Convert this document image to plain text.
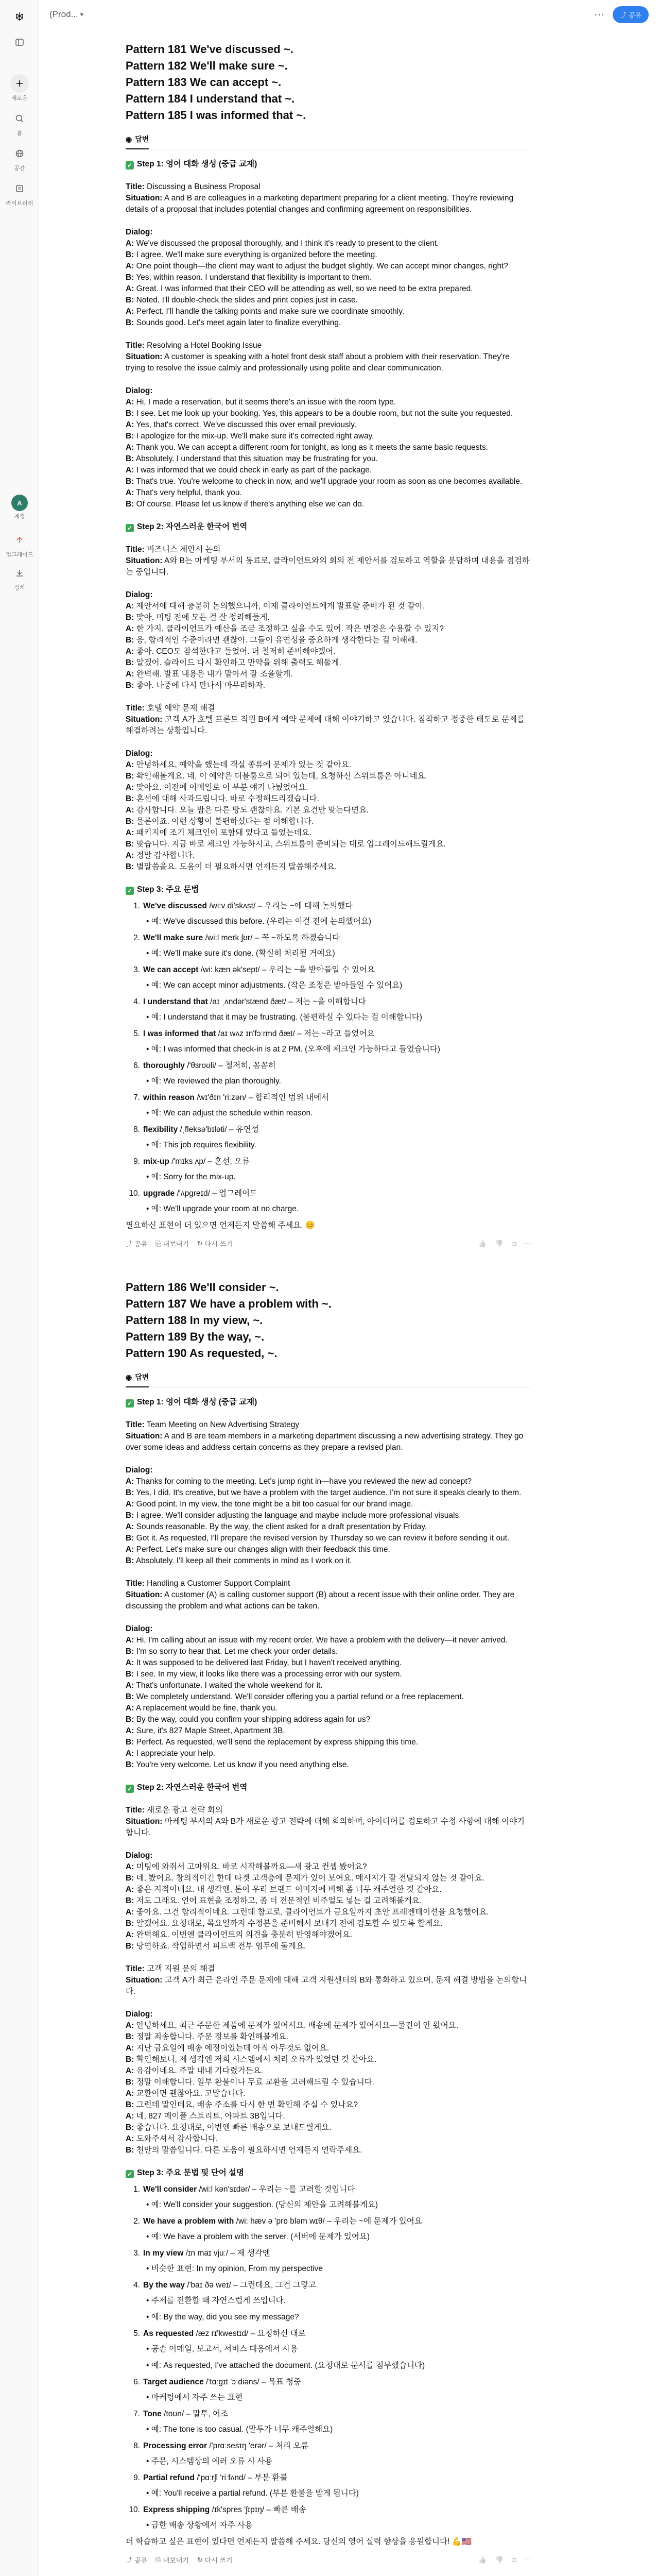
새로운
홈
공간
라이브러리
A
계정
업그레이드
설치
(Prod... ▾	⋯ ⤴ 공유
Pattern 181 We've discussed ~.
Pattern 182 We'll make sure ~.
Pattern 183 We can accept ~.
Pattern 184 I understand that ~.
Pattern 185 I was informed that ~.
◉ 답변

✓ Step 1: 영어 대화 생성 (중급 교재)

Title: Discussing a Business Proposal

Situation: A and B are colleagues in a marketing department preparing for a client meeting. They're reviewing details of a proposal that includes potential changes and confirming agreement on responsibilities.

Dialog:

A: We've discussed the proposal thoroughly, and I think it's ready to present to the client.

B: I agree. We'll make sure everything is organized before the meeting.

A: One point though—the client may want to adjust the budget slightly. We can accept minor changes, right?

B: Yes, within reason. I understand that flexibility is important to them.

A: Great. I was informed that their CEO will be attending as well, so we need to be extra prepared.

B: Noted. I'll double-check the slides and print copies just in case.

A: Perfect. I'll handle the talking points and make sure we coordinate smoothly.

B: Sounds good. Let's meet again later to finalize everything.

Title: Resolving a Hotel Booking Issue

Situation: A customer is speaking with a hotel front desk staff about a problem with their reservation. They're trying to resolve the issue calmly and professionally using polite and clear communication.

Dialog:

A: Hi, I made a reservation, but it seems there's an issue with the room type.

B: I see. Let me look up your booking. Yes, this appears to be a double room, but not the suite you requested.

A: Yes, that's correct. We've discussed this over email previously.

B: I apologize for the mix-up. We'll make sure it's corrected right away.

A: Thank you. We can accept a different room for tonight, as long as it meets the same basic requests.

B: Absolutely. I understand that this situation may be frustrating for you.

A: I was informed that we could check in early as part of the package.

B: That's true. You're welcome to check in now, and we'll upgrade your room as soon as one becomes available.

A: That's very helpful, thank you.

B: Of course. Please let us know if there's anything else we can do.

✓ Step 2: 자연스러운 한국어 번역

Title: 비즈니스 제안서 논의

Situation: A와 B는 마케팅 부서의 동료로, 클라이언트와의 회의 전 제안서를 검토하고 역할을 분담하며 내용을 점검하는 중입니다.

Dialog:

A: 제안서에 대해 충분히 논의했으니까, 이제 클라이언트에게 발표할 준비가 된 것 같아.

B: 맞아. 미팅 전에 모든 걸 잘 정리해둘게.

A: 한 가지, 클라이언트가 예산을 조금 조정하고 싶을 수도 있어. 작은 변경은 수용할 수 있지?

B: 응, 합리적인 수준이라면 괜찮아. 그들이 유연성을 중요하게 생각한다는 걸 이해해.

A: 좋아. CEO도 참석한다고 들었어. 더 철저히 준비해야겠어.

B: 알겠어. 슬라이드 다시 확인하고 만약을 위해 출력도 해둘게.

A: 완벽해. 발표 내용은 내가 맡아서 잘 조율할게.

B: 좋아. 나중에 다시 만나서 마무리하자.

Title: 호텔 예약 문제 해결

Situation: 고객 A가 호텔 프론트 직원 B에게 예약 문제에 대해 이야기하고 있습니다. 침착하고 정중한 태도로 문제를 해결하려는 상황입니다.

Dialog:

A: 안녕하세요, 예약을 했는데 객실 종류에 문제가 있는 것 같아요.

B: 확인해볼게요. 네, 이 예약은 더블룸으로 되어 있는데, 요청하신 스위트룸은 아니네요.

A: 맞아요. 이전에 이메일로 이 부분 얘기 나눴었어요.

B: 혼선에 대해 사과드립니다. 바로 수정해드리겠습니다.

A: 감사합니다. 오늘 밤은 다른 방도 괜찮아요. 기본 요건만 맞는다면요.

B: 물론이죠. 이런 상황이 불편하셨다는 점 이해합니다.

A: 패키지에 조기 체크인이 포함돼 있다고 들었는데요.

B: 맞습니다. 지금 바로 체크인 가능하시고, 스위트룸이 준비되는 대로 업그레이드해드릴게요.

A: 정말 감사합니다.

B: 별말씀을요. 도움이 더 필요하시면 언제든지 말씀해주세요.

✓ Step 3: 주요 문법

1. We've discussed /wi:v di'skʌst/ – 우리는 ~에 대해 논의했다
• 예: We've discussed this before. (우리는 이걸 전에 논의했어요)
2. We'll make sure /wi:l meɪk ʃʊr/ – 꼭 ~하도록 하겠습니다
• 예: We'll make sure it's done. (확실히 처리될 거예요)
3. We can accept /wi: kæn ək'sept/ – 우리는 ~을 받아들일 수 있어요
• 예: We can accept minor adjustments. (작은 조정은 받아들일 수 있어요)
4. I understand that /aɪ ˌʌndər'stænd ðæt/ – 저는 ~을 이해합니다
• 예: I understand that it may be frustrating. (불편하실 수 있다는 걸 이해합니다)
5. I was informed that /aɪ wʌz ɪn'fɔːrmd ðæt/ – 저는 ~라고 들었어요
• 예: I was informed that check-in is at 2 PM. (오후에 체크인 가능하다고 들었습니다)
6. thoroughly /'θɜroʊli/ – 철저히, 꼼꼼히
• 예: We reviewed the plan thoroughly.
7. within reason /wɪ'ðɪn 'riːzən/ – 합리적인 범위 내에서
• 예: We can adjust the schedule within reason.
8. flexibility /ˌfleksə'bɪləti/ – 유연성
• 예: This job requires flexibility.
9. mix-up /'mɪks ʌp/ – 혼선, 오류
• 예: Sorry for the mix-up.
10. upgrade /'ʌpgreɪd/ – 업그레이드
• 예: We'll upgrade your room at no charge.

필요하신 표현이 더 있으면 언제든지 말씀해 주세요. 😊

⤴ 공유 ⎘ 내보내기 ↻ 다시 쓰기	👍 👎 ⧉ ⋯
Pattern 186 We'll consider ~.
Pattern 187 We have a problem with ~.
Pattern 188 In my view, ~.
Pattern 189 By the way, ~.
Pattern 190 As requested, ~.
◉ 답변

✓ Step 1: 영어 대화 생성 (중급 교재)

Title: Team Meeting on New Advertising Strategy

Situation: A and B are team members in a marketing department discussing a new advertising strategy. They go over some ideas and address certain concerns as they prepare a revised plan.

Dialog:

A: Thanks for coming to the meeting. Let's jump right in—have you reviewed the new ad concept?

B: Yes, I did. It's creative, but we have a problem with the target audience. I'm not sure it speaks clearly to them.

A: Good point. In my view, the tone might be a bit too casual for our brand image.

B: I agree. We'll consider adjusting the language and maybe include more professional visuals.

A: Sounds reasonable. By the way, the client asked for a draft presentation by Friday.

B: Got it. As requested, I'll prepare the revised version by Thursday so we can review it before sending it out.

A: Perfect. Let's make sure our changes align with their feedback this time.

B: Absolutely. I'll keep all their comments in mind as I work on it.

Title: Handling a Customer Support Complaint

Situation: A customer (A) is calling customer support (B) about a recent issue with their online order. They are discussing the problem and what actions can be taken.

Dialog:

A: Hi, I'm calling about an issue with my recent order. We have a problem with the delivery—it never arrived.

B: I'm so sorry to hear that. Let me check your order details.

A: It was supposed to be delivered last Friday, but I haven't received anything.

B: I see. In my view, it looks like there was a processing error with our system.

A: That's unfortunate. I waited the whole weekend for it.

B: We completely understand. We'll consider offering you a partial refund or a free replacement.

A: A replacement would be fine, thank you.

B: By the way, could you confirm your shipping address again for us?

A: Sure, it's 827 Maple Street, Apartment 3B.

B: Perfect. As requested, we'll send the replacement by express shipping this time.

A: I appreciate your help.

B: You're very welcome. Let us know if you need anything else.

✓ Step 2: 자연스러운 한국어 번역

Title: 새로운 광고 전략 회의

Situation: 마케팅 부서의 A와 B가 새로운 광고 전략에 대해 회의하며, 아이디어를 검토하고 수정 사항에 대해 이야기합니다.

Dialog:

A: 미팅에 와줘서 고마워요. 바로 시작해볼까요—새 광고 컨셉 봤어요?

B: 네, 봤어요. 창의적이긴 한데 타겟 고객층에 문제가 있어 보여요. 메시지가 잘 전달되지 않는 것 같아요.

A: 좋은 지적이네요. 내 생각엔, 톤이 우리 브랜드 이미지에 비해 좀 너무 캐주얼한 것 같아요.

B: 저도 그래요. 언어 표현을 조정하고, 좀 더 전문적인 비주얼도 넣는 걸 고려해볼게요.

A: 좋아요. 그건 합리적이네요. 그런데 참고로, 클라이언트가 금요일까지 초안 프레젠테이션을 요청했어요.

B: 알겠어요. 요청대로, 목요일까지 수정본을 준비해서 보내기 전에 검토할 수 있도록 할게요.

A: 완벽해요. 이번엔 클라이언트의 의견을 충분히 반영해야겠어요.

B: 당연하죠. 작업하면서 피드백 전부 염두에 둘게요.

Title: 고객 지원 문의 해결

Situation: 고객 A가 최근 온라인 주문 문제에 대해 고객 지원센터의 B와 통화하고 있으며, 문제 해결 방법을 논의합니다.

Dialog:

A: 안녕하세요, 최근 주문한 제품에 문제가 있어서요. 배송에 문제가 있어서요—물건이 안 왔어요.

B: 정말 죄송합니다. 주문 정보를 확인해볼게요.

A: 지난 금요일에 배송 예정이었는데 아직 아무것도 없어요.

B: 확인해보니, 제 생각엔 저희 시스템에서 처리 오류가 있었던 것 같아요.

A: 유감이네요. 주말 내내 기다렸거든요.

B: 정말 이해합니다. 일부 환불이나 무료 교환을 고려해드릴 수 있습니다.

A: 교환이면 괜찮아요. 고맙습니다.

B: 그런데 말인데요, 배송 주소를 다시 한 번 확인해 주실 수 있나요?

A: 네, 827 메이플 스트리트, 아파트 3B입니다.

B: 좋습니다. 요청대로, 이번엔 빠른 배송으로 보내드릴게요.

A: 도와주셔서 감사합니다.

B: 천만의 말씀입니다. 다른 도움이 필요하시면 언제든지 연락주세요.

✓ Step 3: 주요 문법 및 단어 설명

1. We'll consider /wi:l kən'sɪdər/ – 우리는 ~를 고려할 것입니다
• 예: We'll consider your suggestion. (당신의 제안을 고려해볼게요)
2. We have a problem with /wi: hæv ə 'prɒ bləm wɪθ/ – 우리는 ~에 문제가 있어요
• 예: We have a problem with the server. (서버에 문제가 있어요)
3. In my view /ɪn maɪ vjuː/ – 제 생각엔
• 비슷한 표현: In my opinion, From my perspective
4. By the way /'baɪ ðə weɪ/ – 그런데요, 그건 그렇고
• 주제를 전환할 때 자연스럽게 쓰입니다.
• 예: By the way, did you see my message?
5. As requested /æz rɪ'kwestɪd/ – 요청하신 대로
• 공손 이메일, 보고서, 서비스 대응에서 사용
• 예: As requested, I've attached the document. (요청대로 문서를 첨부했습니다)
6. Target audience /'tɑːgɪt 'ɔːdiəns/ – 목표 청중
• 마케팅에서 자주 쓰는 표현
7. Tone /toʊn/ – 말투, 어조
• 예: The tone is too casual. (말투가 너무 캐주얼해요)
8. Processing error /'prɑːsesɪŋ 'erər/ – 처리 오류
• 주문, 시스템상의 에러 오류 시 사용
9. Partial refund /'pɑːrʃl 'riːfʌnd/ – 부분 환불
• 예: You'll receive a partial refund. (부분 환불을 받게 됩니다)
10. Express shipping /ɪk'spres 'ʃɪpɪŋ/ – 빠른 배송
• 급한 배송 상황에서 자주 사용

더 학습하고 싶은 표현이 있다면 언제든지 말씀해 주세요. 당신의 영어 실력 향상을 응원합니다! 💪🇺🇸

⤴ 공유 ⎘ 내보내기 ↻ 다시 쓰기	👍 👎 ⧉ ⋯
